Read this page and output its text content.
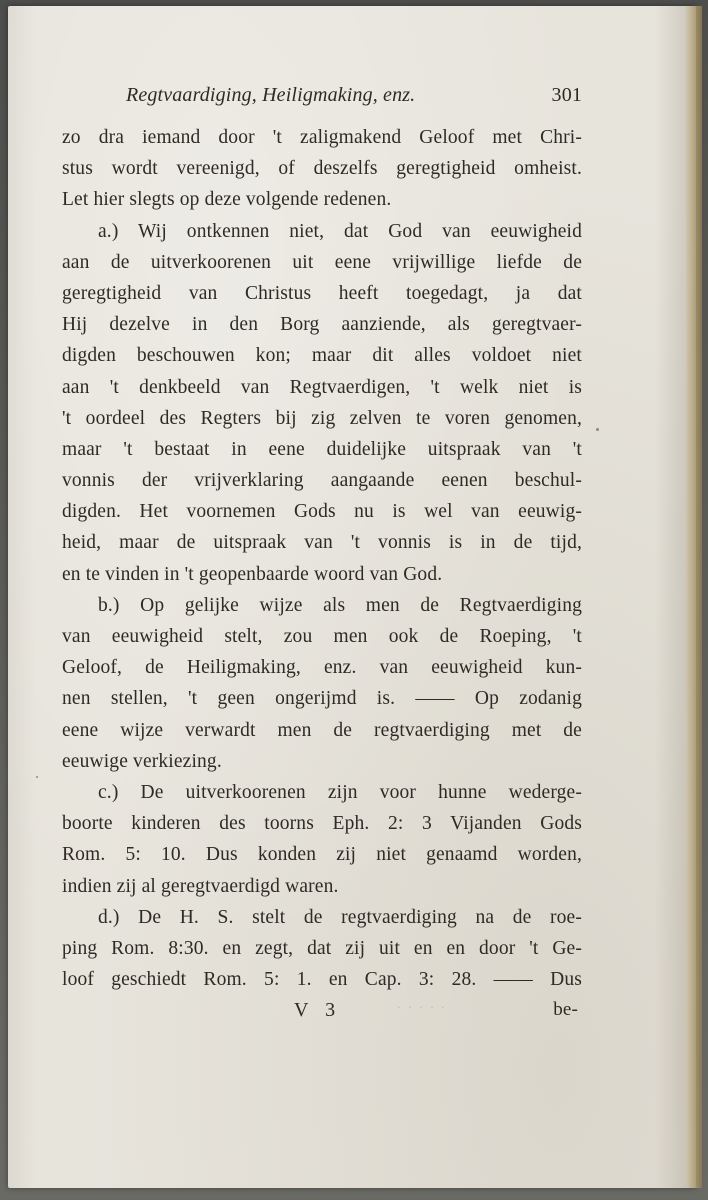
Regtvaardiging, Heiligmaking, enz.	301
zo dra iemand door 't zaligmakend Geloof met Chri-
stus wordt vereenigd, of deszelfs geregtigheid omheist.
Let hier slegts op deze volgende redenen.
a.) Wij ontkennen niet, dat God van eeuwigheid
aan de uitverkoorenen uit eene vrijwillige liefde de
geregtigheid van Christus heeft toegedagt, ja dat
Hij dezelve in den Borg aanziende, als geregtvaer-
digden beschouwen kon; maar dit alles voldoet niet
aan 't denkbeeld van Regtvaerdigen, 't welk niet is
't oordeel des Regters bij zig zelven te voren genomen,
maar 't bestaat in eene duidelijke uitspraak van 't
vonnis der vrijverklaring aangaande eenen beschul-
digden. Het voornemen Gods nu is wel van eeuwig-
heid, maar de uitspraak van 't vonnis is in de tijd,
en te vinden in 't geopenbaarde woord van God.
b.) Op gelijke wijze als men de Regtvaerdiging
van eeuwigheid stelt, zou men ook de Roeping, 't
Geloof, de Heiligmaking, enz. van eeuwigheid kun-
nen stellen, 't geen ongerijmd is. —— Op zodanig
eene wijze verwardt men de regtvaerdiging met de
eeuwige verkiezing.
c.) De uitverkoorenen zijn voor hunne wederge-
boorte kinderen des toorns Eph. 2: 3 Vijanden Gods
Rom. 5: 10. Dus konden zij niet genaamd worden,
indien zij al geregtvaerdigd waren.
d.) De H. S. stelt de regtvaerdiging na de roe-
ping Rom. 8:30. en zegt, dat zij uit en en door 't Ge-
loof geschiedt Rom. 5: 1. en Cap. 3: 28. —— Dus
V 3	· · · · ·	be-
